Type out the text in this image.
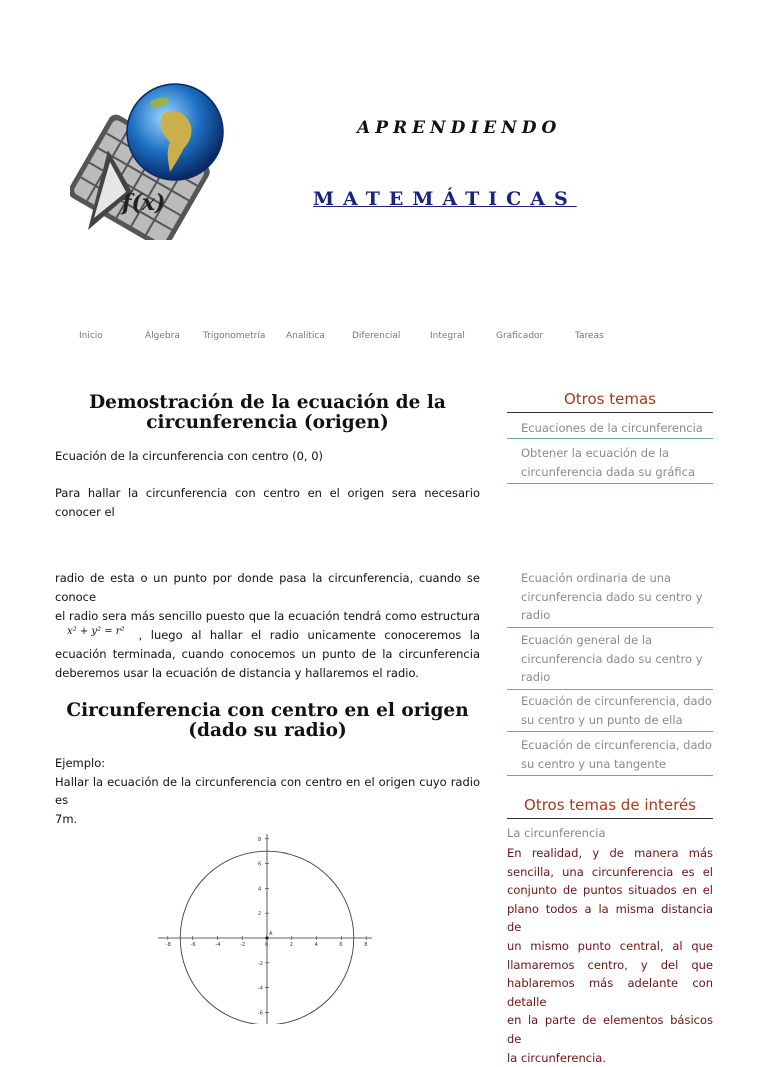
f(x)
APRENDIENDO
MATEMÁTICAS
Inicio	Álgebra	Trigonometría Analítica	Diferencial	Integral	Graficador	Tareas
Demostración de la ecuación de la
circunferencia (origen)
Ecuación de la circunferencia con centro (0, 0)
Para hallar la circunferencia con centro en el origen sera necesario conocer el
radio de esta o un punto por donde pasa la circunferencia, cuando se conoce
el radio sera más sencillo puesto que la ecuación tendrá como estructura
x² + y² = r²	, luego al hallar el radio unicamente conoceremos la
ecuación terminada, cuando conocemos un punto de la circunferencia
deberemos usar la ecuación de distancia y hallaremos el radio.
Circunferencia con centro en el origen
(dado su radio)
Ejemplo:
Hallar la ecuación de la circunferencia con centro en el origen cuyo radio es
7m.
-8	-6	-4	-2	0	2	4	6	8
8
6
4
2
-2
-4
-6
A
Otros temas
Ecuaciones de la circunferencia
Obtener la ecuación de la circunferencia dada su gráfica
Ecuación ordinaria de una circunferencia dado su centro y radio
Ecuación general de la circunferencia dado su centro y radio
Ecuación de circunferencia, dado su centro y un punto de ella
Ecuación de circunferencia, dado su centro y una tangente
Otros temas de interés
La circunferencia
En realidad, y de manera más
sencilla, una circunferencia es el
conjunto de puntos situados en el
plano todos a la misma distancia de
un mismo punto central, al que
llamaremos centro, y del que
hablaremos más adelante con detalle
en la parte de elementos básicos de
la circunferencia.
